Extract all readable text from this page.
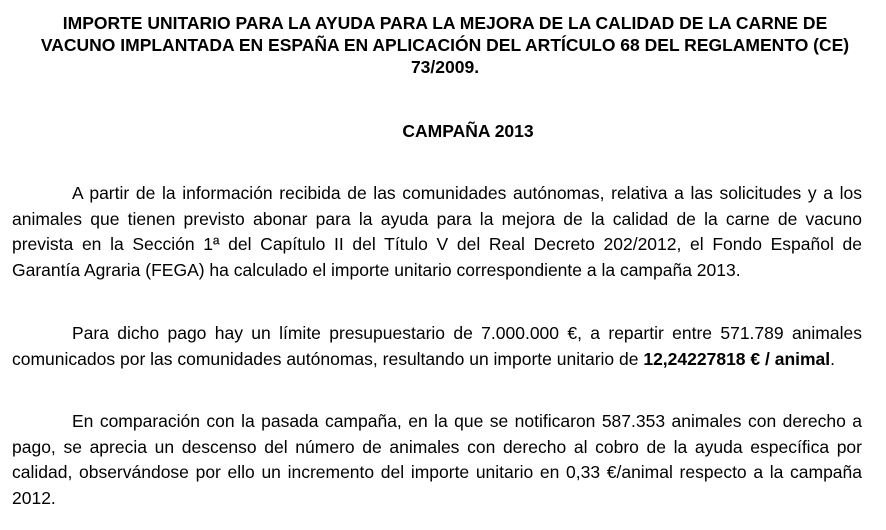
IMPORTE UNITARIO PARA LA AYUDA PARA LA MEJORA DE LA CALIDAD DE LA CARNE DE VACUNO IMPLANTADA EN ESPAÑA EN APLICACIÓN DEL ARTÍCULO 68 DEL REGLAMENTO (CE) 73/2009.
CAMPAÑA 2013

A partir de la información recibida de las comunidades autónomas, relativa a las solicitudes y a los animales que tienen previsto abonar para la ayuda para la mejora de la calidad de la carne de vacuno prevista en la Sección 1ª del Capítulo II del Título V del Real Decreto 202/2012, el Fondo Español de Garantía Agraria (FEGA) ha calculado el importe unitario correspondiente a la campaña 2013.

Para dicho pago hay un límite presupuestario de 7.000.000 €, a repartir entre 571.789 animales comunicados por las comunidades autónomas, resultando un importe unitario de 12,24227818 € / animal.

En comparación con la pasada campaña, en la que se notificaron 587.353 animales con derecho a pago, se aprecia un descenso del número de animales con derecho al cobro de la ayuda específica por calidad, observándose por ello un incremento del importe unitario en 0,33 €/animal respecto a la campaña 2012.
